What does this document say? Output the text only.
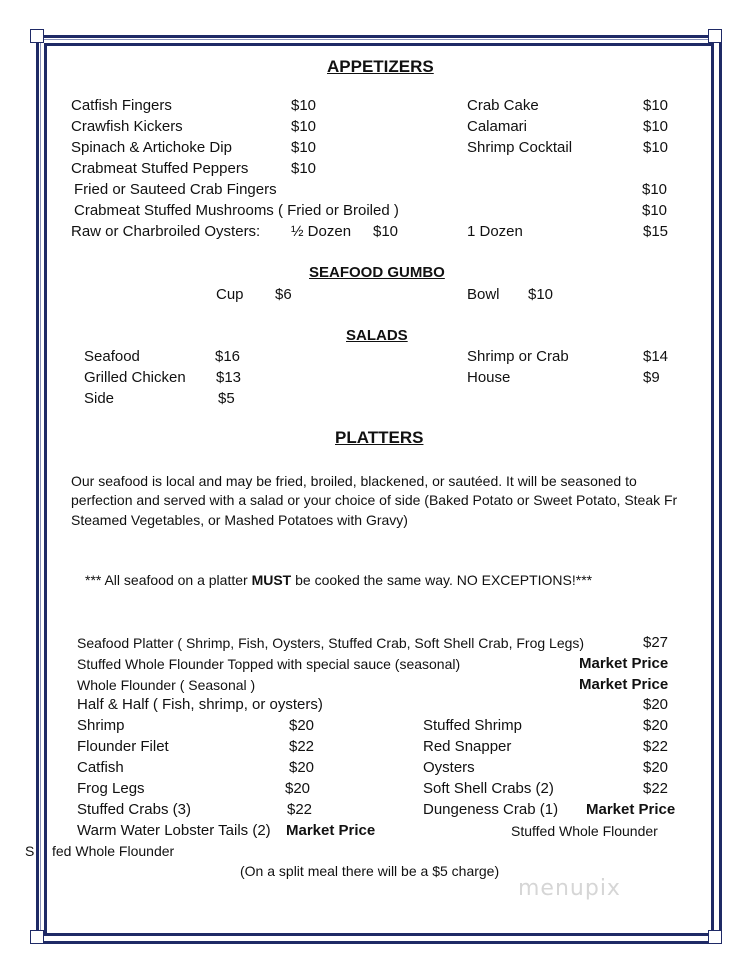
APPETIZERS
Catfish Fingers	$10	Crab Cake	$10
Crawfish Kickers	$10	Calamari	$10
Spinach & Artichoke Dip	$10	Shrimp Cocktail	$10
Crabmeat Stuffed Peppers	$10
Fried or Sauteed Crab Fingers	$10
Crabmeat Stuffed Mushrooms ( Fried or Broiled )	$10
Raw or Charbroiled Oysters: ½ Dozen $10	1 Dozen	$15
SEAFOOD GUMBO
Cup $6	Bowl $10
SALADS
Seafood	$16	Shrimp or Crab	$14
Grilled Chicken $13	House	$9
Side	$5
PLATTERS
Our seafood is local and may be fried, broiled, blackened, or sautéed. It will be seasoned to
perfection and served with a salad or your choice of side (Baked Potato or Sweet Potato, Steak Fr
Steamed Vegetables, or Mashed Potatoes with Gravy)
*** All seafood on a platter MUST be cooked the same way. NO EXCEPTIONS!***
Seafood Platter ( Shrimp, Fish, Oysters, Stuffed Crab, Soft Shell Crab, Frog Legs)	$27
Stuffed Whole Flounder Topped with special sauce (seasonal)	Market Price
Whole Flounder ( Seasonal )	Market Price
Half & Half ( Fish, shrimp, or oysters)	$20
Shrimp	$20	Stuffed Shrimp	$20
Flounder Filet	$22	Red Snapper	$22
Catfish	$20	Oysters	$20
Frog Legs	$20	Soft Shell Crabs (2)	$22
Stuffed Crabs (3)	$22	Dungeness Crab (1) Market Price
Warm Water Lobster Tails (2) Market Price	Stuffed Whole Flounder
S fed Whole Flounder
(On a split meal there will be a $5 charge)
menupix
